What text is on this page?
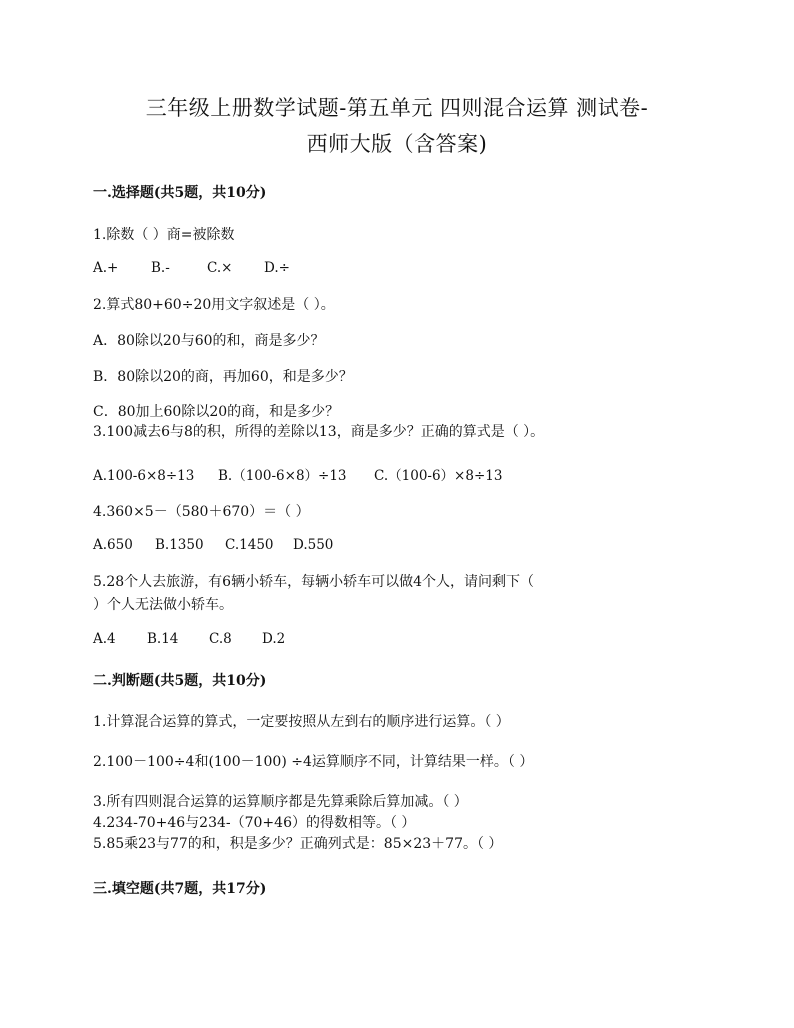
三年级上册数学试题-第五单元 四则混合运算 测试卷-
西师大版（含答案)
一.选择题(共5题，共10分)
1.除数（ ）商=被除数
A.+ B.-	C.× D.÷
2.算式80+60÷20用文字叙述是（ ）。
A．80除以20与60的和，商是多少？
B．80除以20的商，再加60，和是多少？
C．80加上60除以20的商，和是多少？
3.100减去6与8的积，所得的差除以13，商是多少？正确的算式是（ ）。
A.100-6×8÷13 B.（100-6×8）÷13 C.（100-6）×8÷13
4.360×5－（580＋670）＝（ ）
A.650 B.1350 C.1450 D.550
5.28个人去旅游，有6辆小轿车，每辆小轿车可以做4个人，请问剩下（
）个人无法做小轿车。
A.4 B.14 C.8 D.2
二.判断题(共5题，共10分)
1.计算混合运算的算式，一定要按照从左到右的顺序进行运算。（ ）
2.100－100÷4和(100－100) ÷4运算顺序不同，计算结果一样。（ ）
3.所有四则混合运算的运算顺序都是先算乘除后算加减。（ ）
4.234-70+46与234-（70+46）的得数相等。（ ）
5.85乘23与77的和，积是多少？正确列式是：85×23＋77。（ ）
三.填空题(共7题，共17分)
